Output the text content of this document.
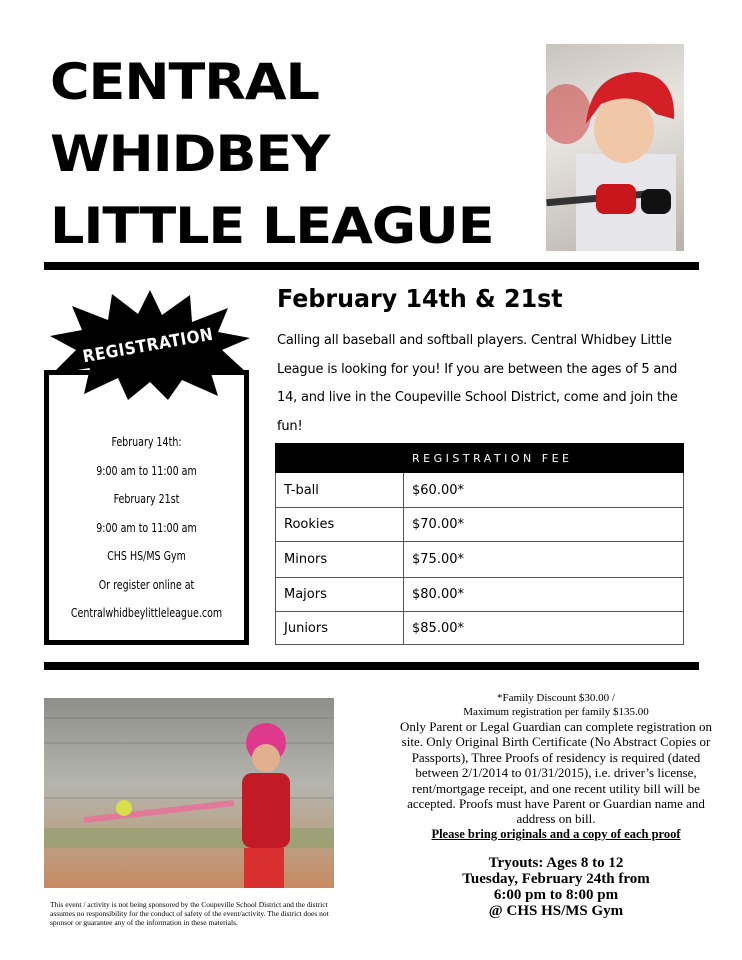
CENTRAL
WHIDBEY
LITTLE LEAGUE
February 14th & 21st
Calling all baseball and softball players. Central Whidbey Little League is looking for you! If you are between the ages of 5 and 14, and live in the Coupeville School District, come and join the fun!
REGISTRATION
February 14th:
9:00 am to 11:00 am
February 21st
9:00 am to 11:00 am
CHS HS/MS Gym
Or register online at
Centralwhidbeylittleleague.com
	REGISTRATION FEE
T-ball	$60.00*
Rookies	$70.00*
Minors	$75.00*
Majors	$80.00*
Juniors	$85.00*
This event / activity is not being sponsored by the Coupeville School District and the district assumes no responsibility for the conduct of safety of the event/activity. The district does not sponsor or guarantee any of the information in these materials.
*Family Discount $30.00 /
Maximum registration per family $135.00
Only Parent or Legal Guardian can complete registration on site. Only Original Birth Certificate (No Abstract Copies or Passports), Three Proofs of residency is required (dated between 2/1/2014 to 01/31/2015), i.e. driver’s license, rent/mortgage receipt, and one recent utility bill will be accepted. Proofs must have Parent or Guardian name and address on bill.
Please bring originals and a copy of each proof
Tryouts: Ages 8 to 12
Tuesday, February 24th from
6:00 pm to 8:00 pm
@ CHS HS/MS Gym
